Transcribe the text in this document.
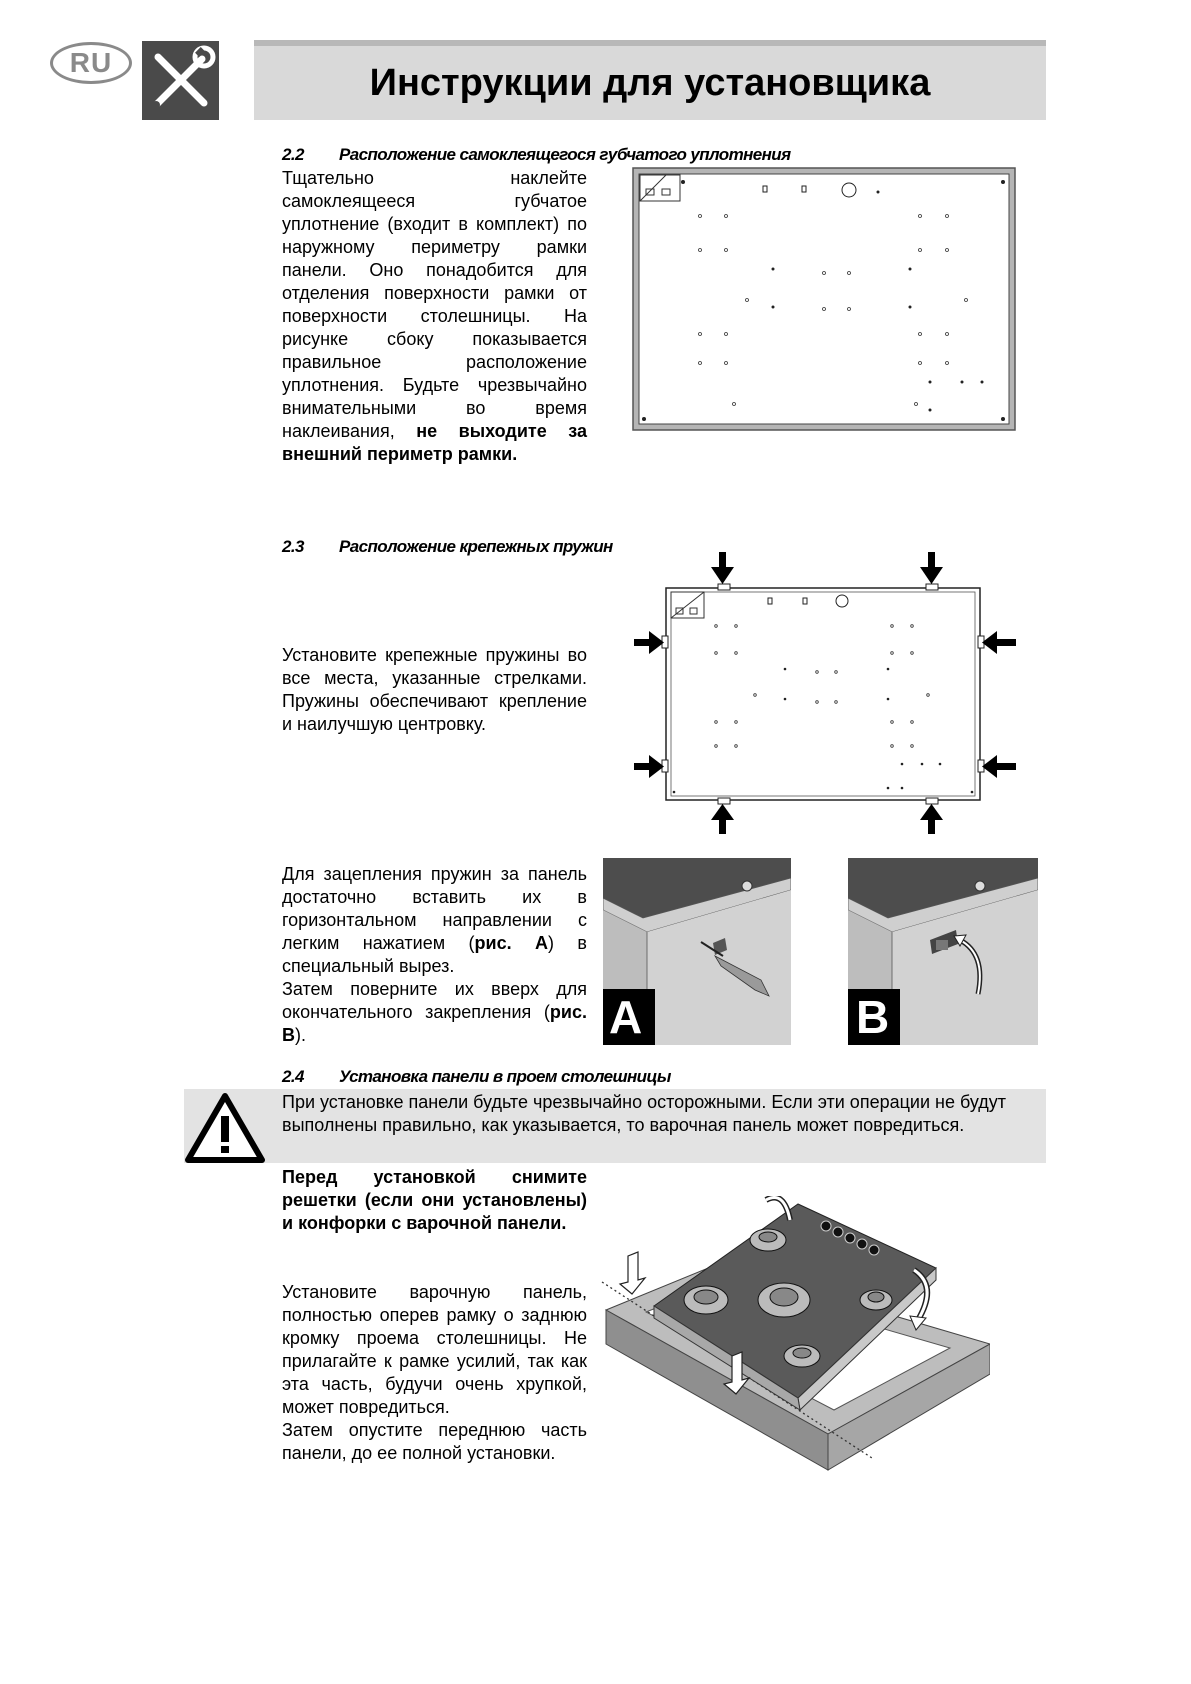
RU	Инструкции для установщика
2.2 Расположение самоклеящегося губчатого уплотнения

Тщательно наклейте самоклеящееся губчатое уплотнение (входит в комплект) по наружному периметру рамки панели. Оно понадобится для отделения поверхности рамки от поверхности столешницы. На рисунке сбоку показывается правильное расположение уплотнения. Будьте чрезвычайно внимательными во время наклеивания, не выходите за внешний периметр рамки.

2.3 Расположение крепежных пружин

Установите крепежные пружины во все места, указанные стрелками. Пружины обеспечивают крепление и наилучшую центровку.

Для зацепления пружин за панель достаточно вставить их в горизонтальном направлении с легким нажатием (рис. A) в специальный вырез.

Затем поверните их вверх для окончательного закрепления (рис. B).	A	B
2.4 Установка панели в проем столешницы
При установке панели будьте чрезвычайно осторожными. Если эти операции не будут выполнены правильно, как указывается, то варочная панель может повредиться.

Перед установкой снимите решетки (если они установлены) и конфорки с варочной панели.

Установите варочную панель, полностью оперев рамку о заднюю кромку проема столешницы. Не прилагайте к рамке усилий, так как эта часть, будучи очень хрупкой, может повредиться.

Затем опустите переднюю часть панели, до ее полной установки.
